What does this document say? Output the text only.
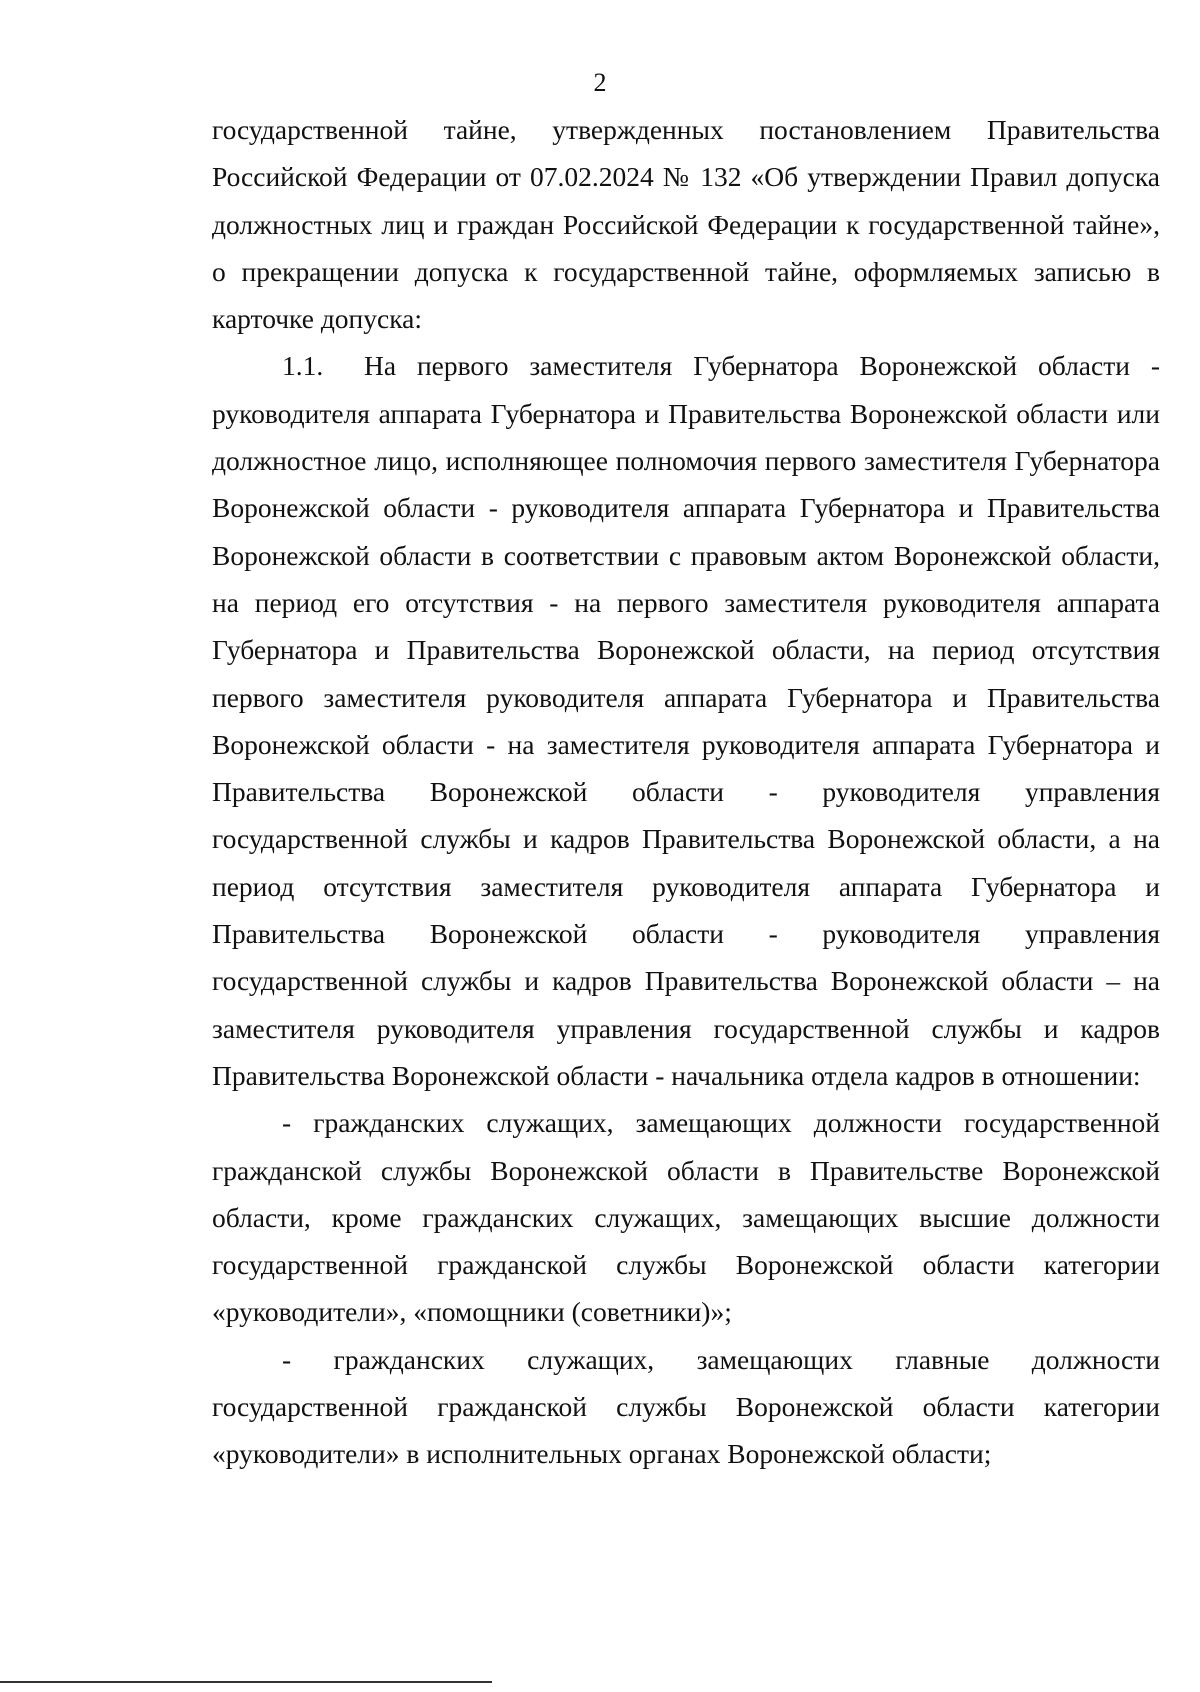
2

государственной тайне, утвержденных постановлением Правительства Российской Федерации от 07.02.2024 № 132 «Об утверждении Правил допуска должностных лиц и граждан Российской Федерации к государственной тайне», о прекращении допуска к государственной тайне, оформляемых записью в карточке допуска:

1.1. На первого заместителя Губернатора Воронежской области - руководителя аппарата Губернатора и Правительства Воронежской области или должностное лицо, исполняющее полномочия первого заместителя Губернатора Воронежской области - руководителя аппарата Губернатора и Правительства Воронежской области в соответствии с правовым актом Воронежской области, на период его отсутствия - на первого заместителя руководителя аппарата Губернатора и Правительства Воронежской области, на период отсутствия первого заместителя руководителя аппарата Губернатора и Правительства Воронежской области - на заместителя руководителя аппарата Губернатора и Правительства Воронежской области - руководителя управления государственной службы и кадров Правительства Воронежской области, а на период отсутствия заместителя руководителя аппарата Губернатора и Правительства Воронежской области - руководителя управления государственной службы и кадров Правительства Воронежской области – на заместителя руководителя управления государственной службы и кадров Правительства Воронежской области - начальника отдела кадров в отношении:

- гражданских служащих, замещающих должности государственной гражданской службы Воронежской области в Правительстве Воронежской области, кроме гражданских служащих, замещающих высшие должности государственной гражданской службы Воронежской области категории «руководители», «помощники (советники)»;

- гражданских служащих, замещающих главные должности государственной гражданской службы Воронежской области категории «руководители» в исполнительных органах Воронежской области;
